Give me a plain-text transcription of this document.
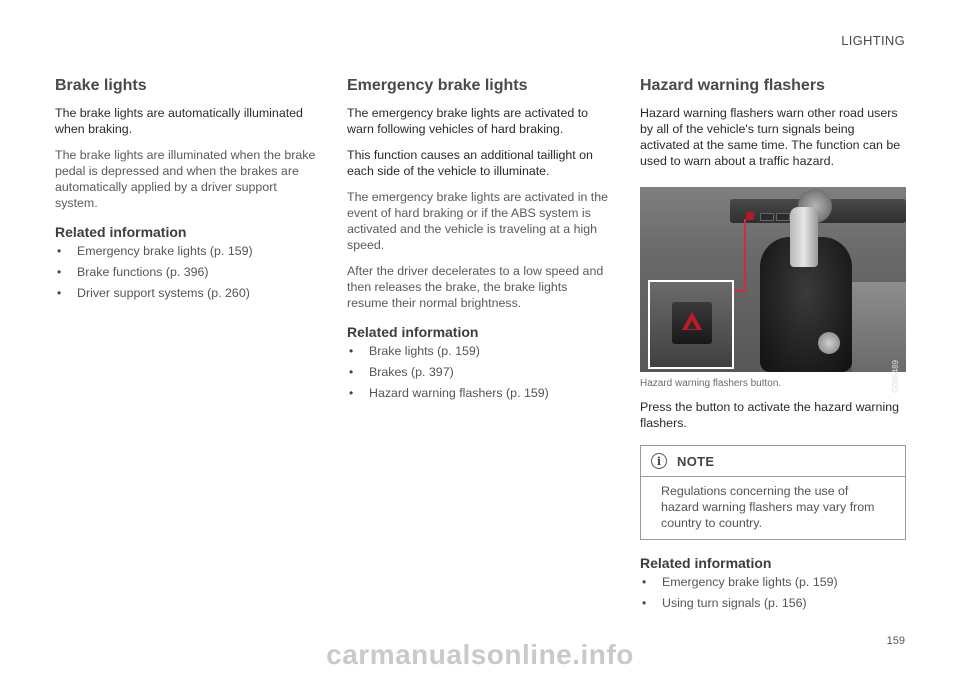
LIGHTING
Brake lights

The brake lights are automatically illuminated when braking.

The brake lights are illuminated when the brake pedal is depressed and when the brakes are automatically applied by a driver support system.

Related information
• Emergency brake lights (p. 159)
• Brake functions (p. 396)
• Driver support systems (p. 260)
Emergency brake lights

The emergency brake lights are activated to warn following vehicles of hard braking.

This function causes an additional taillight on each side of the vehicle to illuminate.

The emergency brake lights are activated in the event of hard braking or if the ABS system is activated and the vehicle is traveling at a high speed.

After the driver decelerates to a low speed and then releases the brake, the brake lights resume their normal brightness.

Related information
• Brake lights (p. 159)
• Brakes (p. 397)
• Hazard warning flashers (p. 159)
Hazard warning flashers

Hazard warning flashers warn other road users by all of the vehicle's turn signals being activated at the same time. The function can be used to warn about a traffic hazard.

G065489
Hazard warning flashers button.

Press the button to activate the hazard warning flashers.

i	NOTE
Regulations concerning the use of hazard warning flashers may vary from country to country.
Related information
• Emergency brake lights (p. 159)
• Using turn signals (p. 156)
159
carmanualsonline.info
